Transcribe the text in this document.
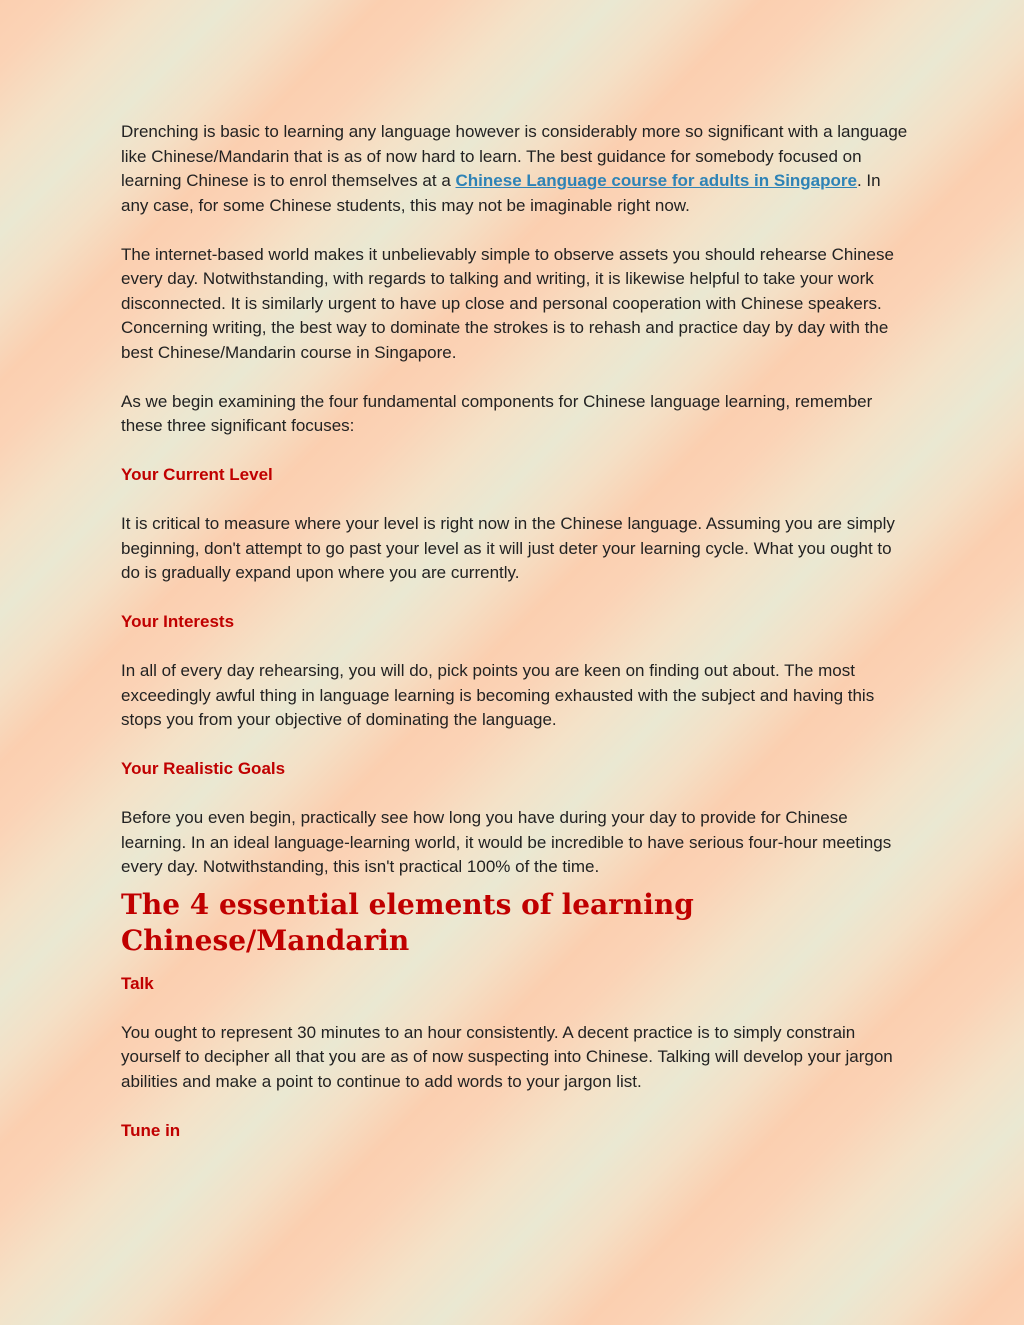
Drenching is basic to learning any language however is considerably more so significant with a language like Chinese/Mandarin that is as of now hard to learn. The best guidance for somebody focused on learning Chinese is to enrol themselves at a Chinese Language course for adults in Singapore. In any case, for some Chinese students, this may not be imaginable right now.

The internet-based world makes it unbelievably simple to observe assets you should rehearse Chinese every day. Notwithstanding, with regards to talking and writing, it is likewise helpful to take your work disconnected. It is similarly urgent to have up close and personal cooperation with Chinese speakers. Concerning writing, the best way to dominate the strokes is to rehash and practice day by day with the best Chinese/Mandarin course in Singapore.

As we begin examining the four fundamental components for Chinese language learning, remember these three significant focuses:

Your Current Level

It is critical to measure where your level is right now in the Chinese language. Assuming you are simply beginning, don't attempt to go past your level as it will just deter your learning cycle. What you ought to do is gradually expand upon where you are currently.

Your Interests

In all of every day rehearsing, you will do, pick points you are keen on finding out about. The most exceedingly awful thing in language learning is becoming exhausted with the subject and having this stops you from your objective of dominating the language.

Your Realistic Goals

Before you even begin, practically see how long you have during your day to provide for Chinese learning. In an ideal language-learning world, it would be incredible to have serious four-hour meetings every day. Notwithstanding, this isn't practical 100% of the time.

The 4 essential elements of learning Chinese/Mandarin
Talk

You ought to represent 30 minutes to an hour consistently. A decent practice is to simply constrain yourself to decipher all that you are as of now suspecting into Chinese. Talking will develop your jargon abilities and make a point to continue to add words to your jargon list.

Tune in
